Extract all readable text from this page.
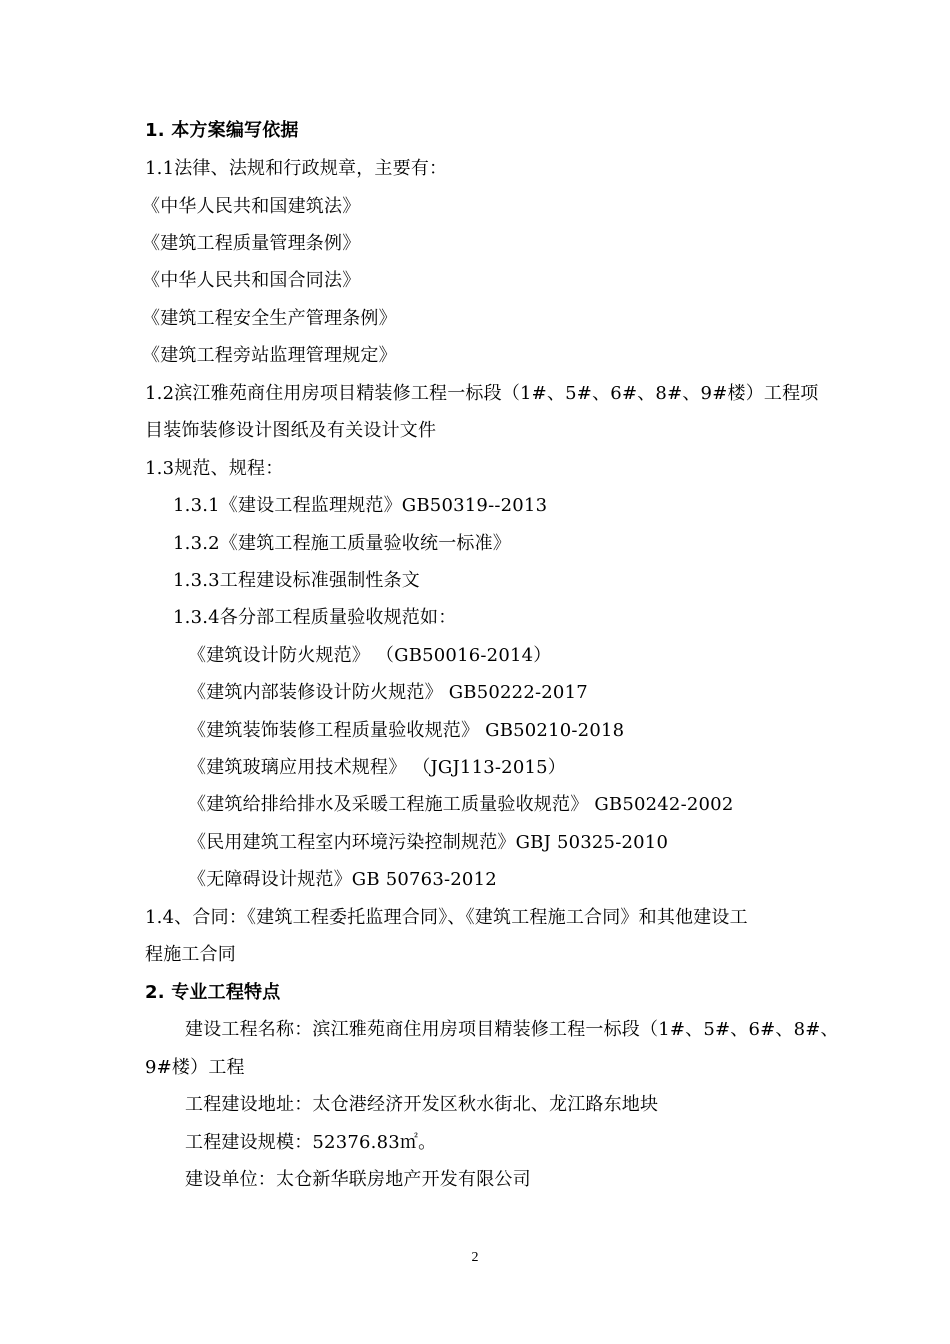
1. 本方案编写依据
1.1法律、法规和行政规章，主要有：
《中华人民共和国建筑法》
《建筑工程质量管理条例》
《中华人民共和国合同法》
《建筑工程安全生产管理条例》
《建筑工程旁站监理管理规定》
1.2滨江雅苑商住用房项目精装修工程一标段（1#、5#、6#、8#、9#楼）工程项
目装饰装修设计图纸及有关设计文件
1.3规范、规程：
1.3.1《建设工程监理规范》GB50319--2013
1.3.2《建筑工程施工质量验收统一标准》
1.3.3工程建设标准强制性条文
1.3.4各分部工程质量验收规范如：
《建筑设计防火规范》 （GB50016-2014）
《建筑内部装修设计防火规范》 GB50222-2017
《建筑装饰装修工程质量验收规范》 GB50210-2018
《建筑玻璃应用技术规程》 （JGJ113-2015）
《建筑给排给排水及采暖工程施工质量验收规范》 GB50242-2002
《民用建筑工程室内环境污染控制规范》GBJ 50325-2010
《无障碍设计规范》GB 50763-2012
1.4、合同：《建筑工程委托监理合同》、《建筑工程施工合同》和其他建设工
程施工合同
2. 专业工程特点
建设工程名称：滨江雅苑商住用房项目精装修工程一标段（1#、5#、6#、8#、
9#楼）工程
工程建设地址：太仓港经济开发区秋水街北、龙江路东地块
工程建设规模：52376.83㎡。
建设单位：太仓新华联房地产开发有限公司
2
